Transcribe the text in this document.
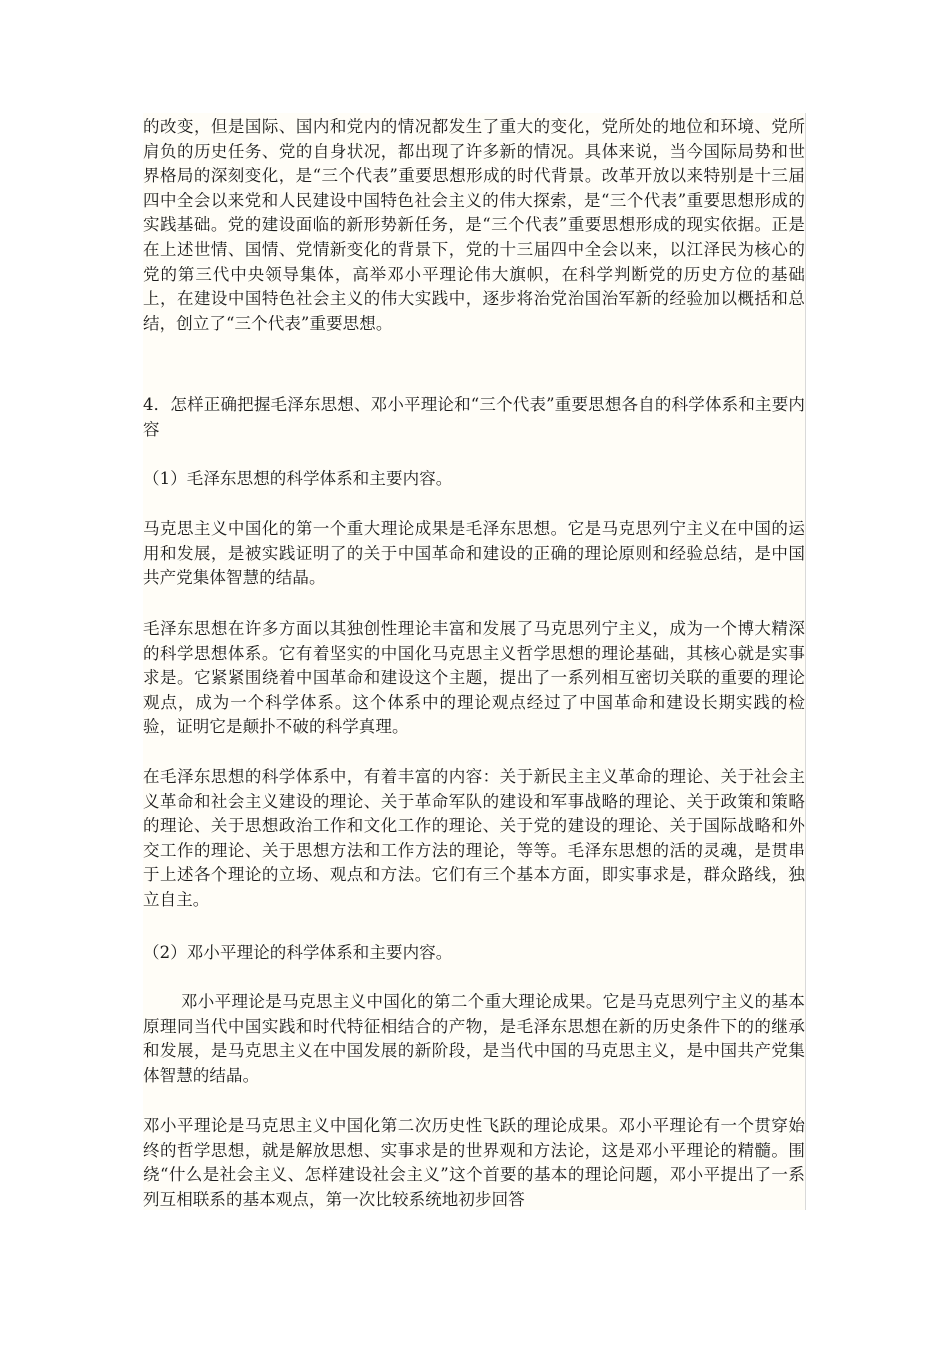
的改变，但是国际、国内和党内的情况都发生了重大的变化，党所处的地位和环境、党所肩负的历史任务、党的自身状况，都出现了许多新的情况。具体来说，当今国际局势和世界格局的深刻变化，是“三个代表”重要思想形成的时代背景。改革开放以来特别是十三届四中全会以来党和人民建设中国特色社会主义的伟大探索，是“三个代表”重要思想形成的实践基础。党的建设面临的新形势新任务，是“三个代表”重要思想形成的现实依据。正是在上述世情、国情、党情新变化的背景下，党的十三届四中全会以来，以江泽民为核心的党的第三代中央领导集体，高举邓小平理论伟大旗帜，在科学判断党的历史方位的基础上，在建设中国特色社会主义的伟大实践中，逐步将治党治国治军新的经验加以概括和总结，创立了“三个代表”重要思想。

4．怎样正确把握毛泽东思想、邓小平理论和“三个代表”重要思想各自的科学体系和主要内容

（1）毛泽东思想的科学体系和主要内容。

马克思主义中国化的第一个重大理论成果是毛泽东思想。它是马克思列宁主义在中国的运用和发展，是被实践证明了的关于中国革命和建设的正确的理论原则和经验总结，是中国共产党集体智慧的结晶。

毛泽东思想在许多方面以其独创性理论丰富和发展了马克思列宁主义，成为一个博大精深的科学思想体系。它有着坚实的中国化马克思主义哲学思想的理论基础，其核心就是实事求是。它紧紧围绕着中国革命和建设这个主题，提出了一系列相互密切关联的重要的理论观点，成为一个科学体系。这个体系中的理论观点经过了中国革命和建设长期实践的检验，证明它是颠扑不破的科学真理。

在毛泽东思想的科学体系中，有着丰富的内容：关于新民主主义革命的理论、关于社会主义革命和社会主义建设的理论、关于革命军队的建设和军事战略的理论、关于政策和策略的理论、关于思想政治工作和文化工作的理论、关于党的建设的理论、关于国际战略和外交工作的理论、关于思想方法和工作方法的理论，等等。毛泽东思想的活的灵魂，是贯串于上述各个理论的立场、观点和方法。它们有三个基本方面，即实事求是，群众路线，独立自主。

（2）邓小平理论的科学体系和主要内容。

邓小平理论是马克思主义中国化的第二个重大理论成果。它是马克思列宁主义的基本原理同当代中国实践和时代特征相结合的产物，是毛泽东思想在新的历史条件下的的继承和发展，是马克思主义在中国发展的新阶段，是当代中国的马克思主义，是中国共产党集体智慧的结晶。

邓小平理论是马克思主义中国化第二次历史性飞跃的理论成果。邓小平理论有一个贯穿始终的哲学思想，就是解放思想、实事求是的世界观和方法论，这是邓小平理论的精髓。围绕“什么是社会主义、怎样建设社会主义”这个首要的基本的理论问题，邓小平提出了一系列互相联系的基本观点，第一次比较系统地初步回答
